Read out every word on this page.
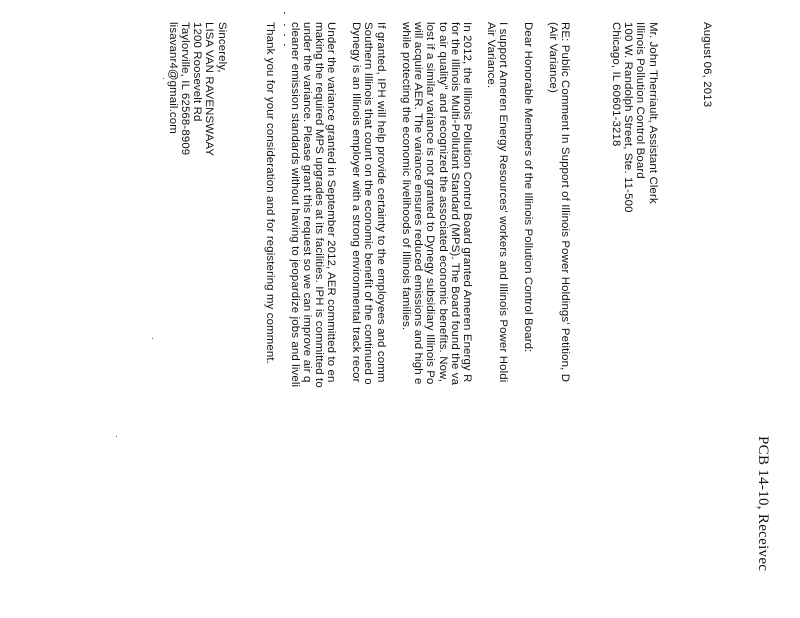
PCB 14-10, Receivec
August 06, 2013
Mr. John Therriault, Assistant Clerk
Illinois Pollution Control Board
100 W. Randolph Street, Ste. 11-500
Chicago, IL 60601-3218
RE: Public Comment In Support of Illinois Power Holdings' Petition, D
(Air Variance)
Dear Honorable Members of the Illinois Pollution Control Board:
I support Ameren Energy Resources' workers and Illinois Power Holdi
Air Variance.
In 2012, the Illinois Pollution Control Board granted Ameren Energy R
for the Illinois Multi-Pollutant Standard (MPS). The Board found the va
to air quality" and recognized the associated economic benefits. Now,
lost if a similar variance is not granted to Dynegy subsidiary Illinois Po
will acquire AER. The variance ensures reduced emissions and high e
while protecting the economic livelihoods of Illinois families.
If granted, IPH will help provide certainty to the employees and comm
Southern Illinois that count on the economic benefit of the continued o
Dynegy is an Illinois employer with a strong environmental track recor
Under the variance granted in September 2012, AER committed to en
making the required MPS upgrades at its facilities. IPH is committed to
under the variance. Please grant this request so we can improve air q
cleaner emission standards without having to jeopardize jobs and liveli
Thank you for your consideration and for registering my comment.
Sincerely,
LISA VAN RAVENSWAAY
1200 Roosevelt Rd
Taylorville, IL 62568-8909
lisavanr4@gmail.com
